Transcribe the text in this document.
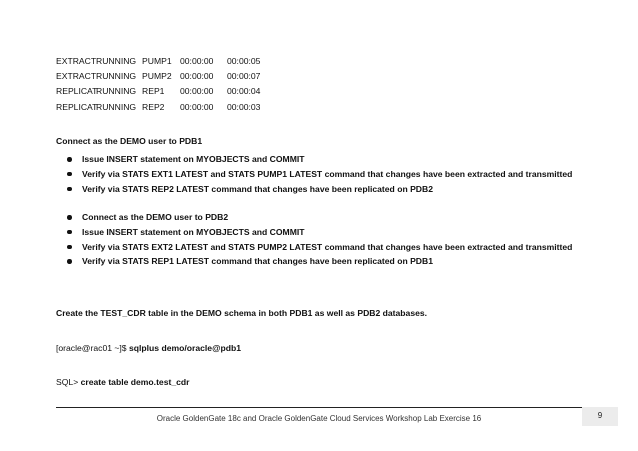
EXTRACT RUNNING PUMP1 00:00:00 00:00:05
EXTRACT RUNNING PUMP2 00:00:00 00:00:07
REPLICAT
RUNNING REP1 00:00:00 00:00:04
REPLICAT
RUNNING REP2 00:00:00 00:00:03
Connect as the DEMO user to PDB1
Issue INSERT statement on MYOBJECTS and COMMIT
Verify via STATS EXT1 LATEST and STATS PUMP1 LATEST command that changes have been extracted and transmitted
Verify via STATS REP2 LATEST command that changes have been replicated on PDB2
Connect as the DEMO user to PDB2
Issue INSERT statement on MYOBJECTS and COMMIT
Verify via STATS EXT2 LATEST and STATS PUMP2 LATEST command that changes have been extracted and transmitted
Verify via STATS REP1 LATEST command that changes have been replicated on PDB1
Create the TEST_CDR table in the DEMO schema in both PDB1 as well as PDB2 databases.
[oracle@rac01 ~]$ sqlplus demo/oracle@pdb1
SQL> create table demo.test_cdr
Oracle GoldenGate 18c and Oracle GoldenGate Cloud Services Workshop Lab Exercise 16	9
